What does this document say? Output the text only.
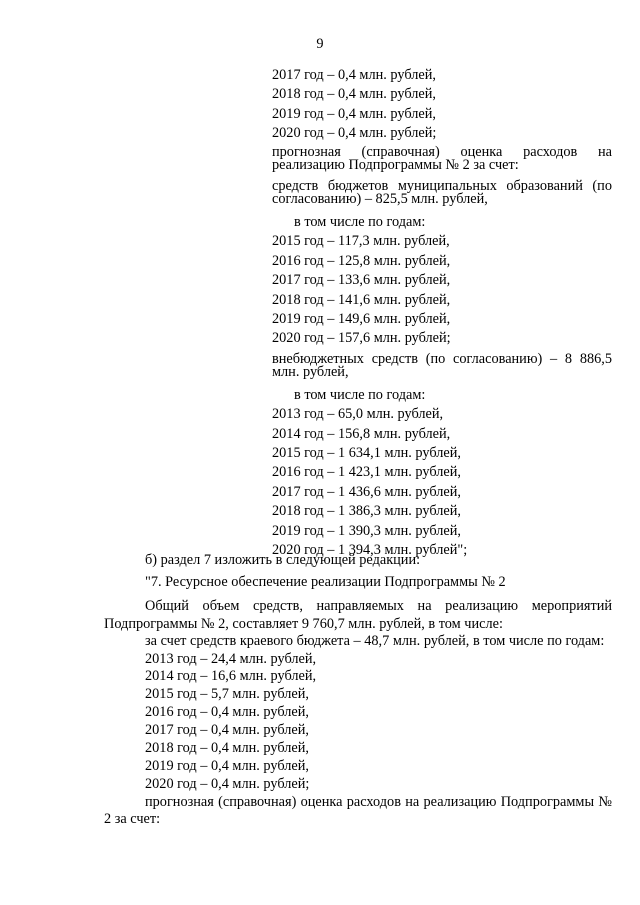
9
2017 год – 0,4 млн. рублей,
2018 год – 0,4 млн. рублей,
2019 год – 0,4 млн. рублей,
2020 год – 0,4 млн. рублей;
прогнозная (справочная) оценка расходов на реализацию Подпрограммы № 2 за счет:
средств бюджетов муниципальных образований (по согласованию) – 825,5 млн. рублей,
в том числе по годам:
2015 год – 117,3 млн. рублей,
2016 год – 125,8 млн. рублей,
2017 год – 133,6 млн. рублей,
2018 год – 141,6 млн. рублей,
2019 год – 149,6 млн. рублей,
2020 год – 157,6 млн. рублей;
внебюджетных средств (по согласованию) – 8 886,5 млн. рублей,
в том числе по годам:
2013 год – 65,0 млн. рублей,
2014 год – 156,8 млн. рублей,
2015 год – 1 634,1 млн. рублей,
2016 год – 1 423,1 млн. рублей,
2017 год – 1 436,6 млн. рублей,
2018 год – 1 386,3 млн. рублей,
2019 год – 1 390,3 млн. рублей,
2020 год – 1 394,3 млн. рублей";
б) раздел 7 изложить в следующей редакции:
"7. Ресурсное обеспечение реализации Подпрограммы № 2
Общий объем средств, направляемых на реализацию мероприятий Подпрограммы № 2, составляет 9 760,7 млн. рублей, в том числе:
за счет средств краевого бюджета – 48,7 млн. рублей, в том числе по годам:
2013 год – 24,4 млн. рублей,
2014 год – 16,6 млн. рублей,
2015 год – 5,7 млн. рублей,
2016 год – 0,4 млн. рублей,
2017 год – 0,4 млн. рублей,
2018 год – 0,4 млн. рублей,
2019 год – 0,4 млн. рублей,
2020 год – 0,4 млн. рублей;
прогнозная (справочная) оценка расходов на реализацию Подпрограммы № 2 за счет:
